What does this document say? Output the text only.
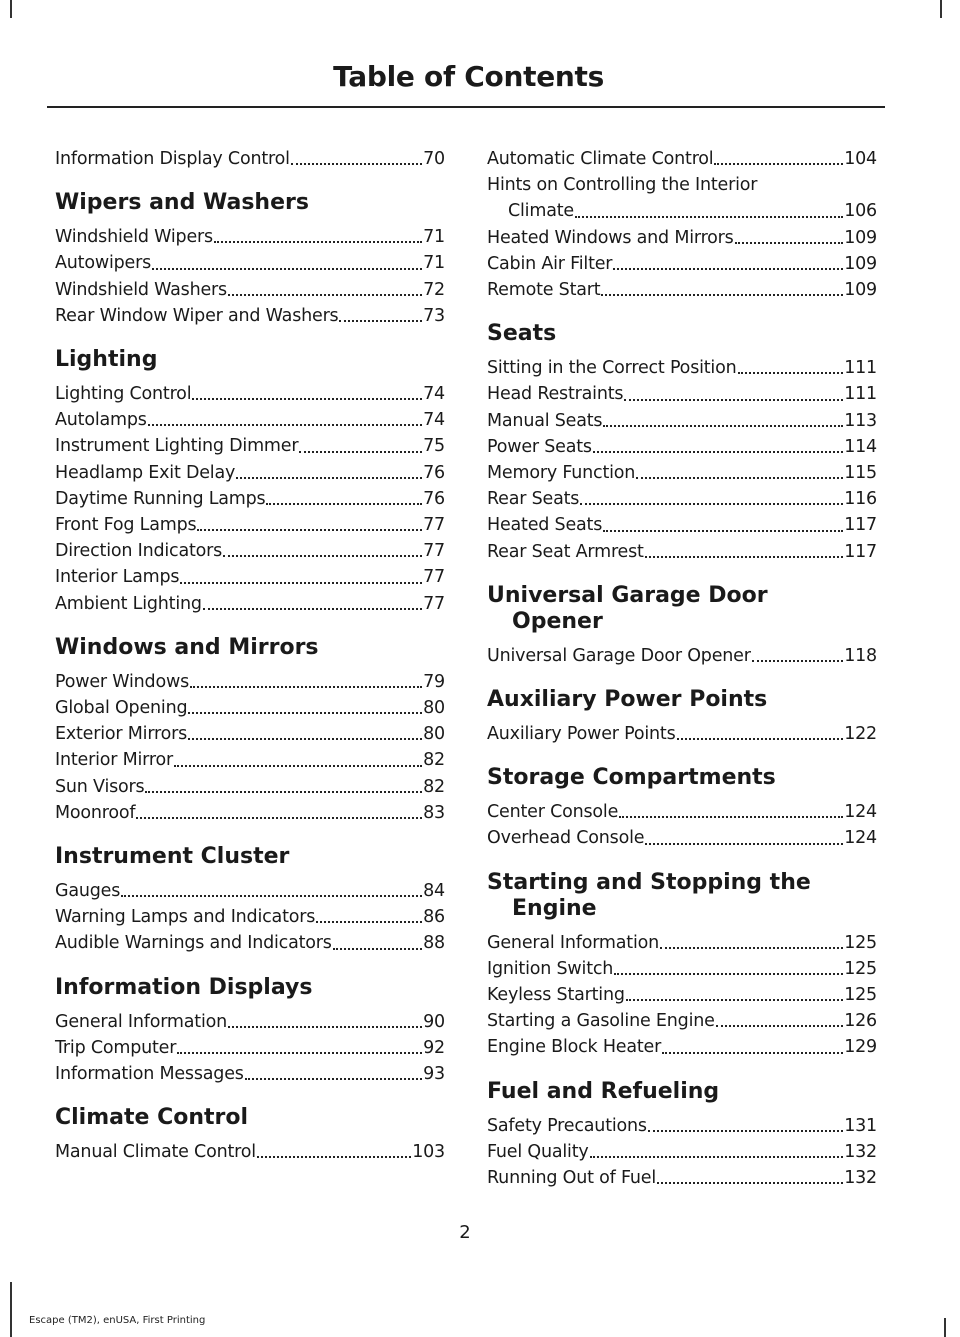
Table of Contents
Information Display Control	70
Wipers and Washers
Windshield Wipers	71
Autowipers	71
Windshield Washers	72
Rear Window Wiper and Washers	73
Lighting
Lighting Control	74
Autolamps	74
Instrument Lighting Dimmer	75
Headlamp Exit Delay	76
Daytime Running Lamps	76
Front Fog Lamps	77
Direction Indicators	77
Interior Lamps	77
Ambient Lighting	77
Windows and Mirrors
Power Windows	79
Global Opening	80
Exterior Mirrors	80
Interior Mirror	82
Sun Visors	82
Moonroof	83
Instrument Cluster
Gauges	84
Warning Lamps and Indicators	86
Audible Warnings and Indicators	88
Information Displays
General Information	90
Trip Computer	92
Information Messages	93
Climate Control
Manual Climate Control	103
Automatic Climate Control	104
Hints on Controlling the Interior
Climate	106
Heated Windows and Mirrors	109
Cabin Air Filter	109
Remote Start	109
Seats
Sitting in the Correct Position	111
Head Restraints	111
Manual Seats	113
Power Seats	114
Memory Function	115
Rear Seats	116
Heated Seats	117
Rear Seat Armrest	117
Universal Garage Door
Opener
Universal Garage Door Opener	118
Auxiliary Power Points
Auxiliary Power Points	122
Storage Compartments
Center Console	124
Overhead Console	124
Starting and Stopping the
Engine
General Information	125
Ignition Switch	125
Keyless Starting	125
Starting a Gasoline Engine	126
Engine Block Heater	129
Fuel and Refueling
Safety Precautions	131
Fuel Quality	132
Running Out of Fuel	132
2
Escape (TM2), enUSA, First Printing
